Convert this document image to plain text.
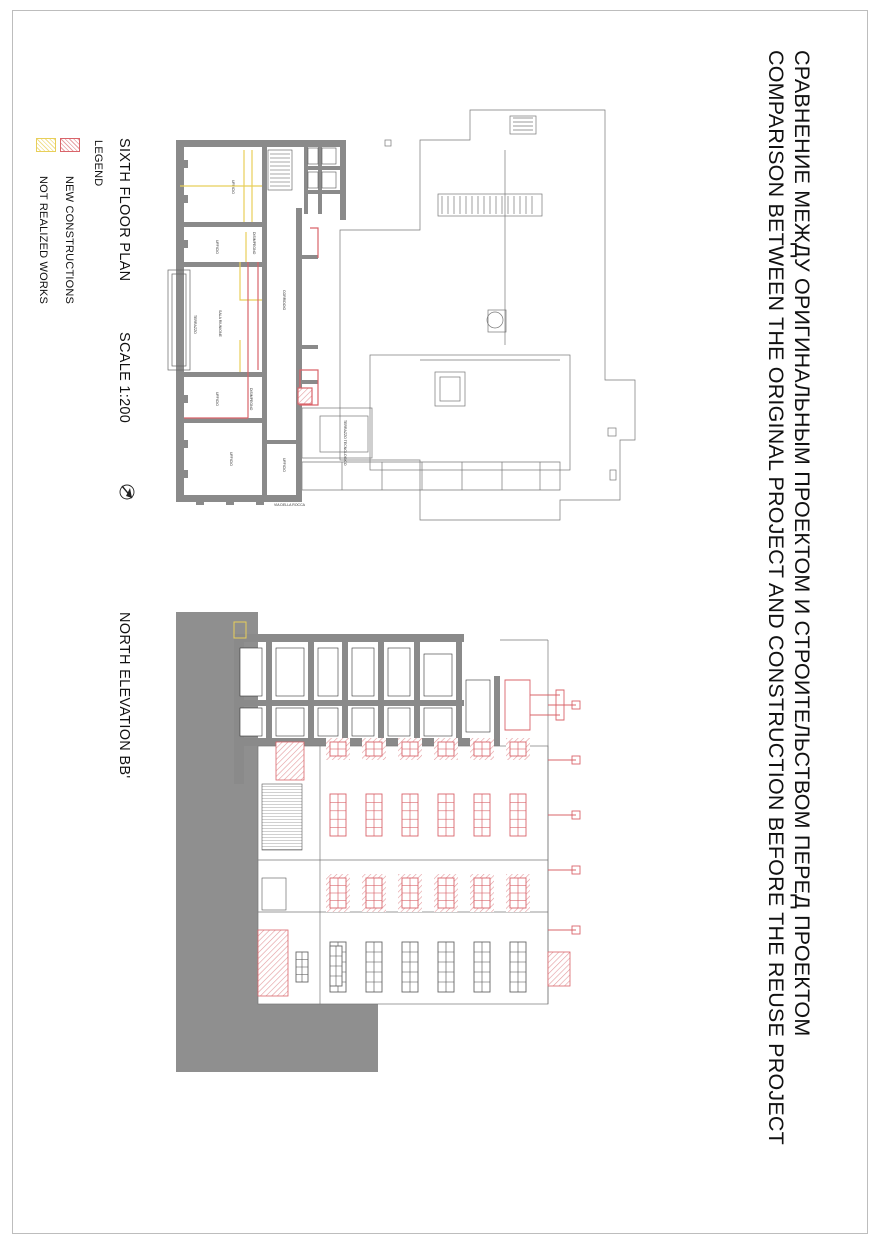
СРАВНЕНИЕ МЕЖДУ ОРИГИНАЛЬНЫМ ПРОЕКТОМ И СТРОИТЕЛЬСТВОМ ПЕРЕД ПРОЕКТОМ
COMPARISON BETWEEN THE ORIGINAL PROJECT AND CONSTRUCTION BEFORE THE REUSE PROJECT
SIXTH FLOOR PLAN
SCALE 1:200
NORTH ELEVATION BB'
LEGEND
NEW CONSTRUCTIONS
NOT REALIZED WORKS	UFFICIO
UFFICIO
SALA RIUNIONE
TERRAZZO
UFFICIO
UFFICIO	UFFICIO
CORRIDOIO
DISIMPEGNO
DISIMPEGNO
TERRAZZO TECNOLOGICO
VIA DELLA ROCCA
